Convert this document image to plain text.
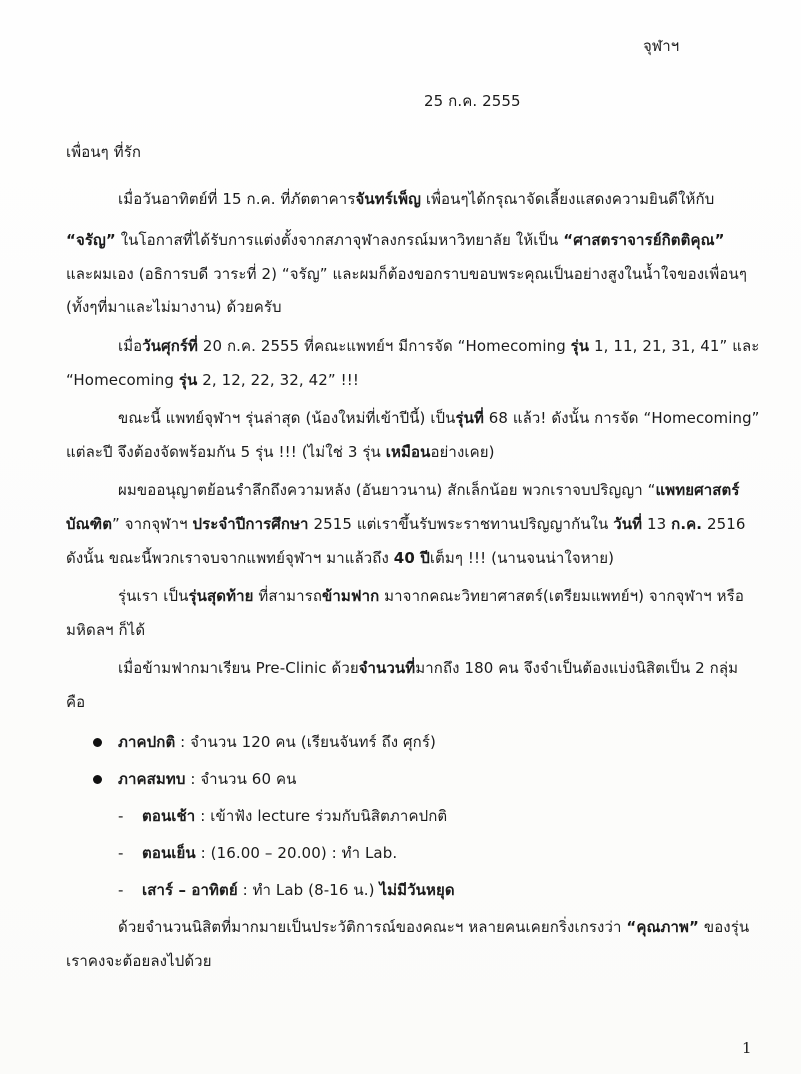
จุฬาฯ
25 ก.ค. 2555
เพื่อนๆ ที่รัก
เมื่อวันอาทิตย์ที่ 15 ก.ค. ที่ภัตตาคารจันทร์เพ็ญ เพื่อนๆได้กรุณาจัดเลี้ยงแสดงความยินดีให้กับ
“จรัญ” ในโอกาสที่ได้รับการแต่งตั้งจากสภาจุฬาลงกรณ์มหาวิทยาลัย ให้เป็น “ศาสตราจารย์กิตติคุณ”
และผมเอง (อธิการบดี วาระที่ 2) “จรัญ” และผมก็ต้องขอกราบขอบพระคุณเป็นอย่างสูงในน้ำใจของเพื่อนๆ
(ทั้งๆที่มาและไม่มางาน) ด้วยครับ
เมื่อวันศุกร์ที่ 20 ก.ค. 2555 ที่คณะแพทย์ฯ มีการจัด “Homecoming รุ่น 1, 11, 21, 31, 41” และ
“Homecoming รุ่น 2, 12, 22, 32, 42” !!!
ขณะนี้ แพทย์จุฬาฯ รุ่นล่าสุด (น้องใหม่ที่เข้าปีนี้) เป็นรุ่นที่ 68 แล้ว! ดังนั้น การจัด “Homecoming”
แต่ละปี จึงต้องจัดพร้อมกัน 5 รุ่น !!! (ไม่ใช่ 3 รุ่น เหมือนอย่างเคย)
ผมขออนุญาตย้อนรำลึกถึงความหลัง (อันยาวนาน) สักเล็กน้อย พวกเราจบปริญญา “แพทยศาสตร์
บัณฑิต” จากจุฬาฯ ประจำปีการศึกษา 2515 แต่เราขึ้นรับพระราชทานปริญญากันใน วันที่ 13 ก.ค. 2516
ดังนั้น ขณะนี้พวกเราจบจากแพทย์จุฬาฯ มาแล้วถึง 40 ปีเต็มๆ !!! (นานจนน่าใจหาย)
รุ่นเรา เป็นรุ่นสุดท้าย ที่สามารถข้ามฟาก มาจากคณะวิทยาศาสตร์(เตรียมแพทย์ฯ) จากจุฬาฯ หรือ
มหิดลฯ ก็ได้
เมื่อข้ามฟากมาเรียน Pre-Clinic ด้วยจำนวนที่มากถึง 180 คน จึงจำเป็นต้องแบ่งนิสิตเป็น 2 กลุ่ม
คือ
ภาคปกติ : จำนวน 120 คน (เรียนจันทร์ ถึง ศุกร์)
ภาคสมทบ : จำนวน 60 คน
- ตอนเช้า : เข้าฟัง lecture ร่วมกับนิสิตภาคปกติ
- ตอนเย็น : (16.00 – 20.00) : ทำ Lab.
- เสาร์ – อาทิตย์ : ทำ Lab (8-16 น.) ไม่มีวันหยุด
ด้วยจำนวนนิสิตที่มากมายเป็นประวัติการณ์ของคณะฯ หลายคนเคยกริ่งเกรงว่า “คุณภาพ” ของรุ่น
เราคงจะต้อยลงไปด้วย
1
